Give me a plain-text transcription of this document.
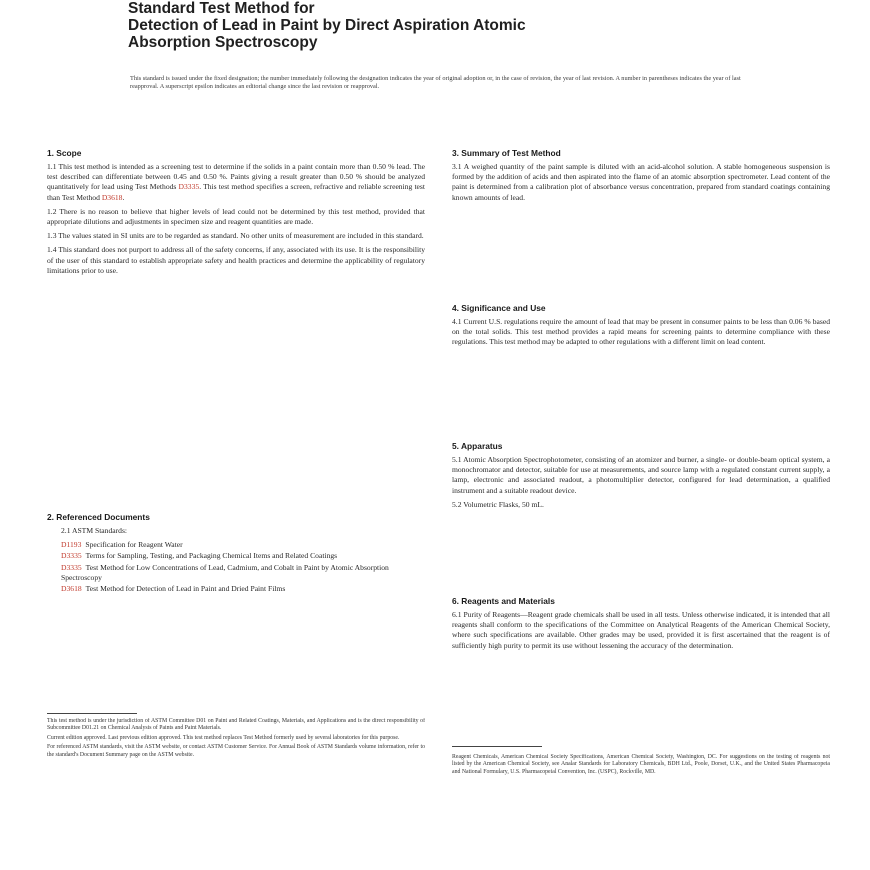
Standard Test Method for
Detection of Lead in Paint by Direct Aspiration Atomic
Absorption Spectroscopy
This standard is issued under the fixed designation; the number immediately following the designation indicates the year of original adoption or, in the case of revision, the year of last revision. A number in parentheses indicates the year of last reapproval. A superscript epsilon indicates an editorial change since the last revision or reapproval.
1. Scope

1.1 This test method is intended as a screening test to determine if the solids in a paint contain more than 0.50 % lead. The test described can differentiate between 0.45 and 0.50 %. Paints giving a result greater than 0.50 % should be analyzed quantitatively for lead using Test Methods D3335. This test method specifies a screen, refractive and reliable screening test than Test Method D3618.

1.2 There is no reason to believe that higher levels of lead could not be determined by this test method, provided that appropriate dilutions and adjustments in specimen size and reagent quantities are made.

1.3 The values stated in SI units are to be regarded as standard. No other units of measurement are included in this standard.

1.4 This standard does not purport to address all of the safety concerns, if any, associated with its use. It is the responsibility of the user of this standard to establish appropriate safety and health practices and determine the applicability of regulatory limitations prior to use.

2. Referenced Documents

2.1 ASTM Standards:

D1193 Specification for Reagent Water
D3335 Terms for Sampling, Testing, and Packaging Chemical Items and Related Coatings
D3335 Test Method for Low Concentrations of Lead, Cadmium, and Cobalt in Paint by Atomic Absorption Spectroscopy
D3618 Test Method for Detection of Lead in Paint and Dried Paint Films

This test method is under the jurisdiction of ASTM Committee D01 on Paint and Related Coatings, Materials, and Applications and is the direct responsibility of Subcommittee D01.21 on Chemical Analysis of Paints and Paint Materials.

Current edition approved. Last previous edition approved. This test method replaces Test Method formerly used by several laboratories for this purpose.

For referenced ASTM standards, visit the ASTM website, or contact ASTM Customer Service. For Annual Book of ASTM Standards volume information, refer to the standard's Document Summary page on the ASTM website.

3. Summary of Test Method

3.1 A weighed quantity of the paint sample is diluted with an acid-alcohol solution. A stable homogeneous suspension is formed by the addition of acids and then aspirated into the flame of an atomic absorption spectrometer. Lead content of the paint is determined from a calibration plot of absorbance versus concentration, prepared from standard coatings containing known amounts of lead.

4. Significance and Use

4.1 Current U.S. regulations require the amount of lead that may be present in consumer paints to be less than 0.06 % based on the total solids. This test method provides a rapid means for screening paints to determine compliance with these regulations. This test method may be adapted to other regulations with a different limit on lead content.

5. Apparatus

5.1 Atomic Absorption Spectrophotometer, consisting of an atomizer and burner, a single- or double-beam optical system, a monochromator and detector, suitable for use at measurements, and source lamp with a regulated constant current supply, a lamp, electronic and associated readout, a photomultiplier detector, configured for lead determination, a qualified instrument and a suitable readout device.

5.2 Volumetric Flasks, 50 mL.

6. Reagents and Materials

6.1 Purity of Reagents—Reagent grade chemicals shall be used in all tests. Unless otherwise indicated, it is intended that all reagents shall conform to the specifications of the Committee on Analytical Reagents of the American Chemical Society, where such specifications are available. Other grades may be used, provided it is first ascertained that the reagent is of sufficiently high purity to permit its use without lessening the accuracy of the determination.

Reagent Chemicals, American Chemical Society Specifications, American Chemical Society, Washington, DC. For suggestions on the testing of reagents not listed by the American Chemical Society, see Analar Standards for Laboratory Chemicals, BDH Ltd., Poole, Dorset, U.K., and the United States Pharmacopeia and National Formulary, U.S. Pharmacopeial Convention, Inc. (USPC), Rockville, MD.
